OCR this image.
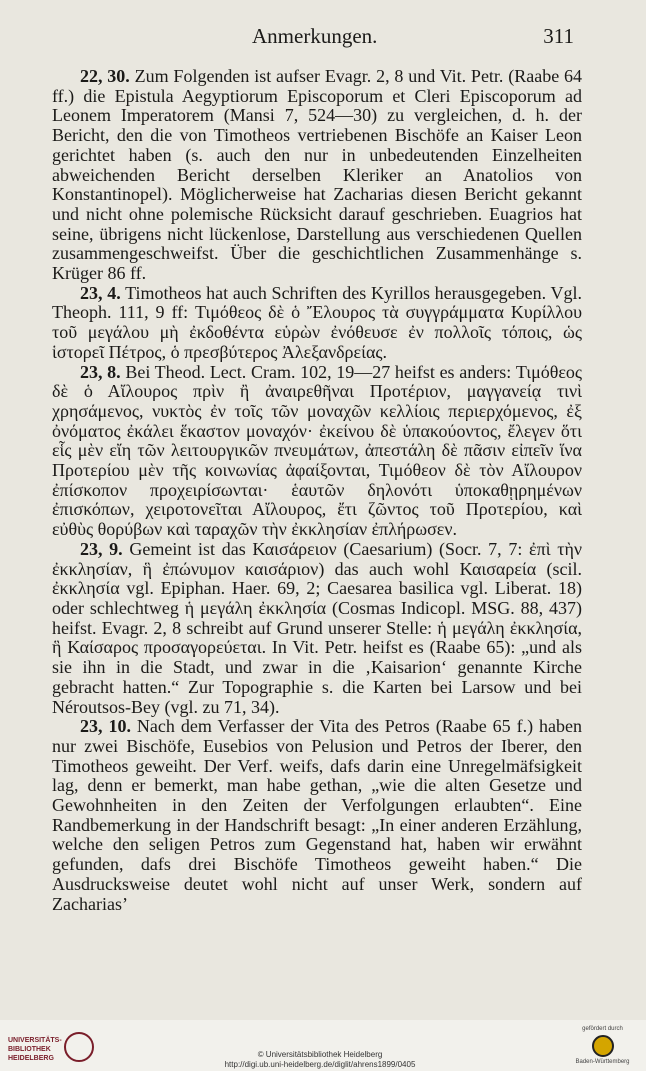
Anmerkungen.	311

22, 30. Zum Folgenden ist aufser Evagr. 2, 8 und Vit. Petr. (Raabe 64 ff.) die Epistula Aegyptiorum Episcoporum et Cleri Episcoporum ad Leonem Imperatorem (Mansi 7, 524—30) zu vergleichen, d. h. der Bericht, den die von Timotheos vertriebenen Bischöfe an Kaiser Leon gerichtet haben (s. auch den nur in unbedeutenden Einzelheiten abweichenden Bericht derselben Kleriker an Anatolios von Konstantinopel). Möglicherweise hat Zacharias diesen Bericht gekannt und nicht ohne polemische Rücksicht darauf geschrieben. Euagrios hat seine, übrigens nicht lückenlose, Darstellung aus verschiedenen Quellen zusammengeschweifst. Über die geschichtlichen Zusammenhänge s. Krüger 86 ff.

23, 4. Timotheos hat auch Schriften des Kyrillos herausgegeben. Vgl. Theoph. 111, 9 ff: Τιμόθεος δὲ ὁ Ἔλουρος τὰ συγγράμματα Κυρίλλου τοῦ μεγάλου μὴ ἐκδοθέντα εὑρὼν ἐνόθευσε ἐν πολλοῖς τόποις, ὡς ἱστορεῖ Πέτρος, ὁ πρεσβύτερος Ἀλεξανδρείας.

23, 8. Bei Theod. Lect. Cram. 102, 19—27 heifst es anders: Τιμόθεος δὲ ὁ Αἴλουρος πρὶν ἢ ἀναιρεθῆναι Προτέριον, μαγγανείᾳ τινὶ χρησάμενος, νυκτὸς ἐν τοῖς τῶν μοναχῶν κελλίοις περιερχόμενος, ἐξ ὀνόματος ἐκάλει ἕκαστον μοναχόν· ἐκείνου δὲ ὑπακούοντος, ἔλεγεν ὅτι εἷς μὲν εἴη τῶν λειτουργικῶν πνευμάτων, ἀπεστάλη δὲ πᾶσιν εἰπεῖν ἵνα Προτερίου μὲν τῆς κοινωνίας ἀφαίξονται, Τιμόθεον δὲ τὸν Αἴλουρον ἐπίσκοπον προχειρίσωνται· ἑαυτῶν δηλονότι ὑποκαθῃρημένων ἐπισκόπων, χειροτονεῖται Αἴλουρος, ἔτι ζῶντος τοῦ Προτερίου, καὶ εὐθὺς θορύβων καὶ ταραχῶν τὴν ἐκκλησίαν ἐπλήρωσεν.

23, 9. Gemeint ist das Καισάρειον (Caesarium) (Socr. 7, 7: ἐπὶ τὴν ἐκκλησίαν, ἣ ἐπώνυμον καισάριον) das auch wohl Καισαρεία (scil. ἐκκλησία vgl. Epiphan. Haer. 69, 2; Caesarea basilica vgl. Liberat. 18) oder schlechtweg ἡ μεγάλη ἐκκλησία (Cosmas Indicopl. MSG. 88, 437) heifst. Evagr. 2, 8 schreibt auf Grund unserer Stelle: ἡ μεγάλη ἐκκλησία, ἣ Καίσαρος προσαγορεύεται. In Vit. Petr. heifst es (Raabe 65): „und als sie ihn in die Stadt, und zwar in die ‚Kaisarion‘ genannte Kirche gebracht hatten.“ Zur Topographie s. die Karten bei Larsow und bei Néroutsos-Bey (vgl. zu 71, 34).

23, 10. Nach dem Verfasser der Vita des Petros (Raabe 65 f.) haben nur zwei Bischöfe, Eusebios von Pelusion und Petros der Iberer, den Timotheos geweiht. Der Verf. weifs, dafs darin eine Unregelmäfsigkeit lag, denn er bemerkt, man habe gethan, „wie die alten Gesetze und Gewohnheiten in den Zeiten der Verfolgungen erlaubten“. Eine Randbemerkung in der Handschrift besagt: „In einer anderen Erzählung, welche den seligen Petros zum Gegenstand hat, haben wir erwähnt gefunden, dafs drei Bischöfe Timotheos geweiht haben.“ Die Ausdrucksweise deutet wohl nicht auf unser Werk, sondern auf Zacharias’

UNIVERSITÄTS-BIBLIOTHEK HEIDELBERG	© Universitätsbibliothek Heidelberg
http://digi.ub.uni-heidelberg.de/diglit/ahrens1899/0405
gefördert durch
Baden-Württemberg
